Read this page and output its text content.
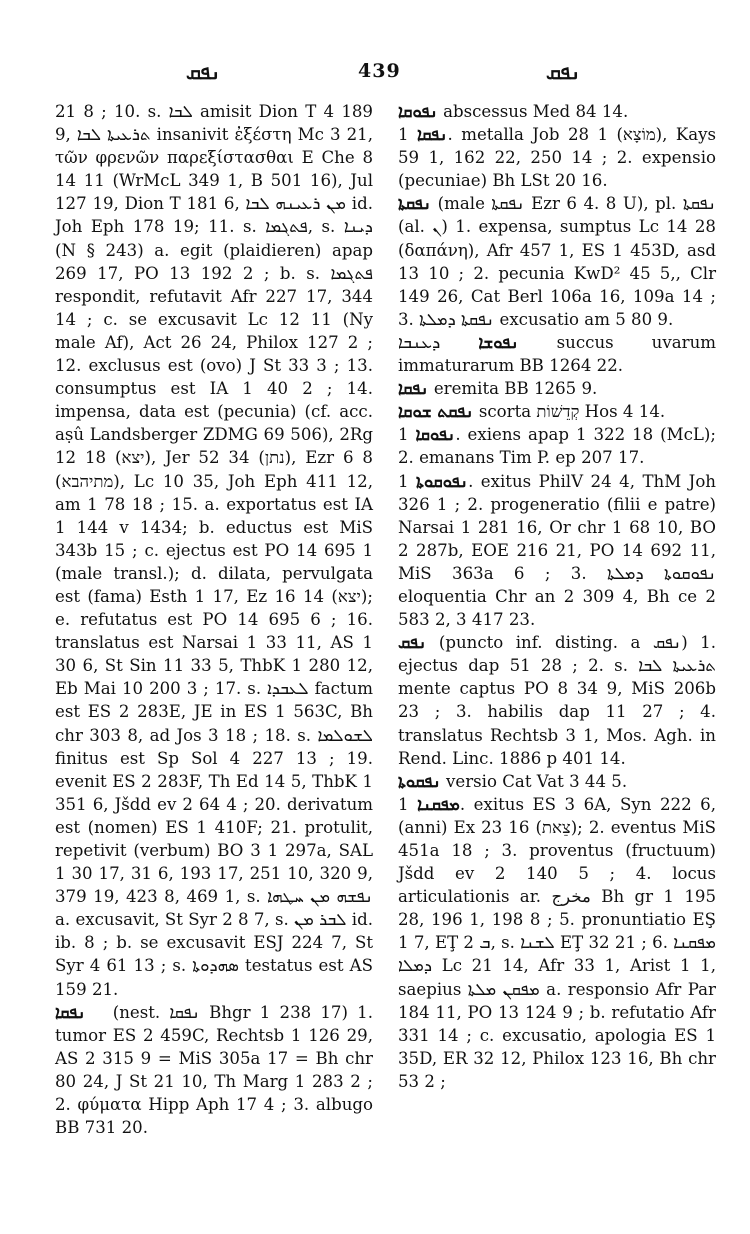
ܢܦܩ	439	ܢܦܩ

21 8 ; 10. s. ܠܒܐ amisit Dion T 4 189 9, ܬܪܥܝܬܐ ܠܒܐ insanivit ἐξέστη Mc 3 21, τῶν φρενῶν παρεξίστασθαι E Che 8 14 11 (WrMcL 349 1, B 501 16), Jul 127 19, Dion T 181 6, ܡܢ ܪܥܝܢܗ ܠܒܐ id. Joh Eph 178 19; 11. s. ܦܬܓܡܐ, s. ܕܝܢܐ (N § 243) a. egit (plaidieren) apap 269 17, PO 13 192 2 ; b. s. ܦܬܓܡܐ respondit, refutavit Afr 227 17, 344 14 ; c. se excusavit Lc 12 11 (Ny male Af), Act 26 24, Philox 127 2 ; 12. exclusus est (ovo) J St 33 3 ; 13. consumptus est IA 1 40 2 ; 14. impensa, data est (pecunia) (cf. acc. aṣû Landsberger ZDMG 69 506), 2Rg 12 18 (יצא), Jer 52 34 (נתן), Ezr 6 8 (מתיהבא), Lc 10 35, Joh Eph 411 12, am 1 78 18 ; 15. a. exportatus est IA 1 144 v 1434; b. eductus est MiS 343b 15 ; c. ejectus est PO 14 695 1 (male transl.); d. dilata, pervulgata est (fama) Esth 1 17, Ez 16 14 (יצא); e. refutatus est PO 14 695 6 ; 16. translatus est Narsai 1 33 11, AS 1 30 6, St Sin 11 33 5, ThbK 1 280 12, Eb Mai 10 200 3 ; 17. s. ܠܥܒܕܐ factum est ES 2 283E, JE in ES 1 563C, Bh chr 303 8, ad Jos 3 18 ; 18. s. ܠܫܘܠܡܐ finitus est Sp Sol 4 227 13 ; 19. evenit ES 2 283F, Th Ed 14 5, ThbK 1 351 6, Jšdd ev 2 64 4 ; 20. derivatum est (nomen) ES 1 410F; 21. protulit, repetivit (verbum) BO 3 1 297a, SAL 1 30 17, 31 6, 193 17, 251 10, 320 9, 379 19, 423 8, 469 1, s. ܢܦܫܗ ܡܢ ܚܛܗܐ a. excusavit, St Syr 2 8 7, s. ܠܒܪ ܡܢ id. ib. 8 ; b. se excusavit ESJ 224 7, St Syr 4 61 13 ; s. ܣܗܕܘܬܐ testatus est AS 159 21.

ܢܦܩܐ (nest. ܢܦܩܐ Bhgr 1 238 17) 1. tumor ES 2 459C, Rechtsb 1 126 29, AS 2 315 9 = MiS 305a 17 = Bh chr 80 24, J St 21 10, Th Marg 1 283 2 ; 2. φύματα Hipp Aph 17 4 ; 3. albugo BB 731 20.

ܢܦܘܩܐ abscessus Med 84 14.

ܢܦܩܐ 1. metalla Job 28 1 (מוֹצָא), Kays 59 1, 162 22, 250 14 ; 2. expensio (pecuniae) Bh LSt 20 16.

ܢܦܩܬܐ (male ܢܦܩܬܐ Ezr 6 4. 8 U), pl. ܢܦܩܬܐ (al. ܢ) 1. expensa, sumptus Lc 14 28 (δαπάνη), Afr 457 1, ES 1 453D, asd 13 10 ; 2. pecunia KwD² 45 5,, Clr 149 26, Cat Berl 106a 16, 109a 14 ; 3. ܢܦܩܬܐ ܕܡܠܬܐ excusatio am 5 80 9.

ܢܦܘܫܐ ܕܥܢܒܐ succus uvarum immaturarum BB 1264 22.

ܢܦܩܐ eremita BB 1265 9.

ܢܦܩܬ ܫܘܩܐ scorta קְדֵשׁוֹת Hos 4 14.

ܢܦܘܩܐ 1. exiens apap 1 322 18 (McL); 2. emanans Tim P. ep 207 17.

ܢܦܘܩܘܬܐ 1. exitus PhilV 24 4, ThM Joh 326 1 ; 2. progeneratio (filii e patre) Narsai 1 281 16, Or chr 1 68 10, BO 2 287b, EOE 216 21, PO 14 692 11, MiS 363a 6 ; 3. ܢܦܘܩܘܬܐ ܕܡܠܬܐ eloquentia Chr an 2 309 4, Bh ce 2 583 2, 3 417 23.

ܢܦܩ (puncto inf. disting. a ܢܦܩ) 1. ejectus dap 51 28 ; 2. s. ܬܪܥܝܬܐ ܠܒܐ mente captus PO 8 34 9, MiS 206b 23 ; 3. habilis dap 11 27 ; 4. translatus Rechtsb 3 1, Mos. Agh. in Rend. Linc. 1886 p 401 14.

ܢܦܩܘܬܐ versio Cat Vat 3 44 5.

ܡܦܩܢܐ 1. exitus ES 3 6A, Syn 222 6, (anni) Ex 23 16 (צֵאת); 2. eventus MiS 451a 18 ; 3. proventus (fructuum) Jšdd ev 2 140 5 ; 4. locus articulationis ar. مخرج Bh gr 1 195 28, 196 1, 198 8 ; 5. pronuntiatio EŞ 1 7, EŢ ܒ 2, s. ܠܫܢܐ EŢ 32 21 ; 6. ܡܦܩܢܐ ܕܡܠܐ Lc 21 14, Afr 33 1, Arist 1 1, saepius ܡܦܩܢ ܡܠܬܐ a. responsio Afr Par 184 11, PO 13 124 9 ; b. refutatio Afr 331 14 ; c. excusatio, apologia ES 1 35D, ER 32 12, Philox 123 16, Bh chr 53 2 ;
